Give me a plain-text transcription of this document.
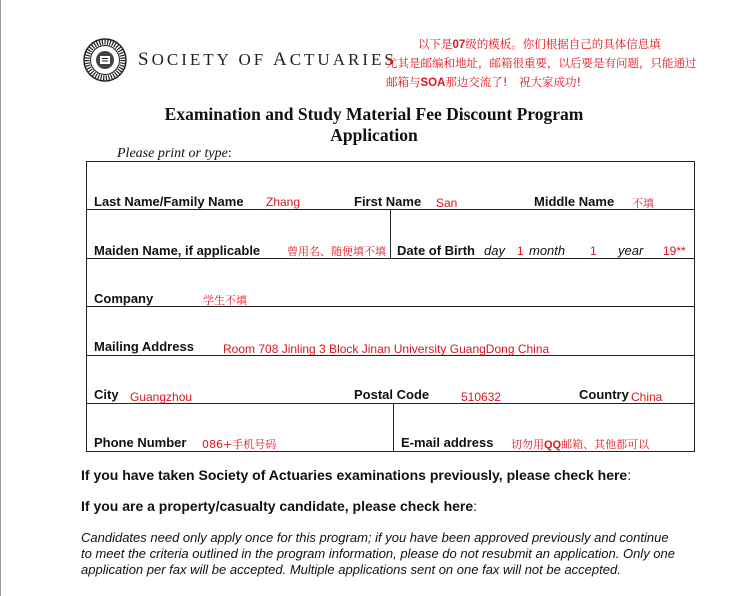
SOCIETY OF ACTUARIES
以下是07级的模板。你们根据自己的具体信息填
尤其是邮编和地址，邮箱很重要，以后要是有问题，只能通过
邮箱与SOA那边交流了!　祝大家成功!
Examination and Study Material Fee Discount Program
Application
Please print or type:
Last Name/Family Name Zhang	First Name San	Middle Name 不填
Maiden Name, if applicable 曾用名、随便填不填 Date of Birth day 1 month 1 year 19**
Company	学生不填
Mailing Address Room 708 Jinling 3 Block Jinan University GuangDong China
City Guangzhou	Postal Code	510632	Country China
Phone Number 086+手机号码	E-mail address 切勿用QQ邮箱、其他都可以
If you have taken Society of Actuaries examinations previously, please check here:
If you are a property/casualty candidate, please check here:
Candidates need only apply once for this program; if you have been approved previously and continue to meet the criteria outlined in the program information, please do not resubmit an application. Only one application per fax will be accepted. Multiple applications sent on one fax will not be accepted.
